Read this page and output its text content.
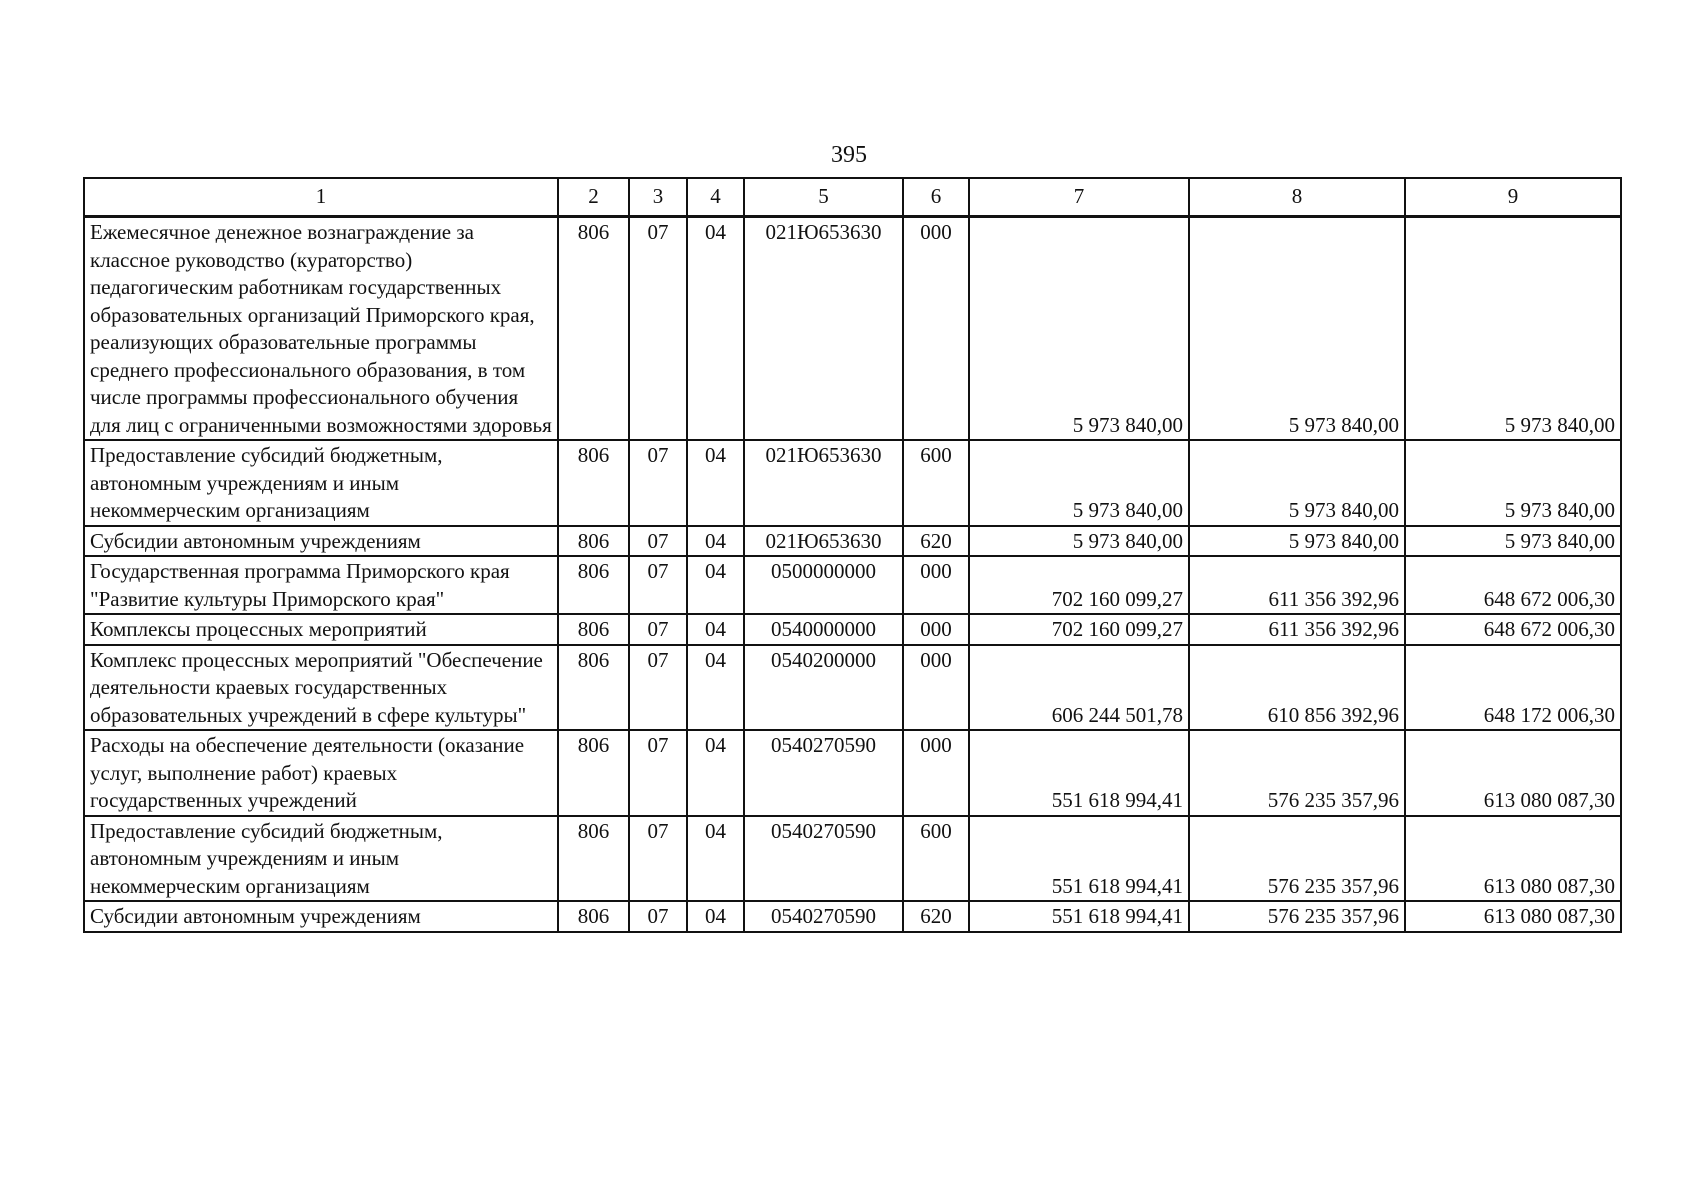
395
1	2	3	4	5	6	7	8	9
Ежемесячное денежное вознаграждение за классное руководство (кураторство) педагогическим работникам государственных образовательных организаций Приморского края, реализующих образовательные программы среднего профессионального образования, в том числе программы профессионального обучения для лиц с ограниченными возможностями здоровья	806	07	04	021Ю653630	000	5 973 840,00	5 973 840,00	5 973 840,00
Предоставление субсидий бюджетным, автономным учреждениям и иным некоммерческим организациям	806	07	04	021Ю653630	600	5 973 840,00	5 973 840,00	5 973 840,00
Субсидии автономным учреждениям	806	07	04	021Ю653630	620	5 973 840,00	5 973 840,00	5 973 840,00
Государственная программа Приморского края "Развитие культуры Приморского края"	806	07	04	0500000000	000	702 160 099,27	611 356 392,96	648 672 006,30
Комплексы процессных мероприятий	806	07	04	0540000000	000	702 160 099,27	611 356 392,96	648 672 006,30
Комплекс процессных мероприятий "Обеспечение деятельности краевых государственных образовательных учреждений в сфере культуры"	806	07	04	0540200000	000	606 244 501,78	610 856 392,96	648 172 006,30
Расходы на обеспечение деятельности (оказание услуг, выполнение работ) краевых государственных учреждений	806	07	04	0540270590	000	551 618 994,41	576 235 357,96	613 080 087,30
Предоставление субсидий бюджетным, автономным учреждениям и иным некоммерческим организациям	806	07	04	0540270590	600	551 618 994,41	576 235 357,96	613 080 087,30
Субсидии автономным учреждениям	806	07	04	0540270590	620	551 618 994,41	576 235 357,96	613 080 087,30
